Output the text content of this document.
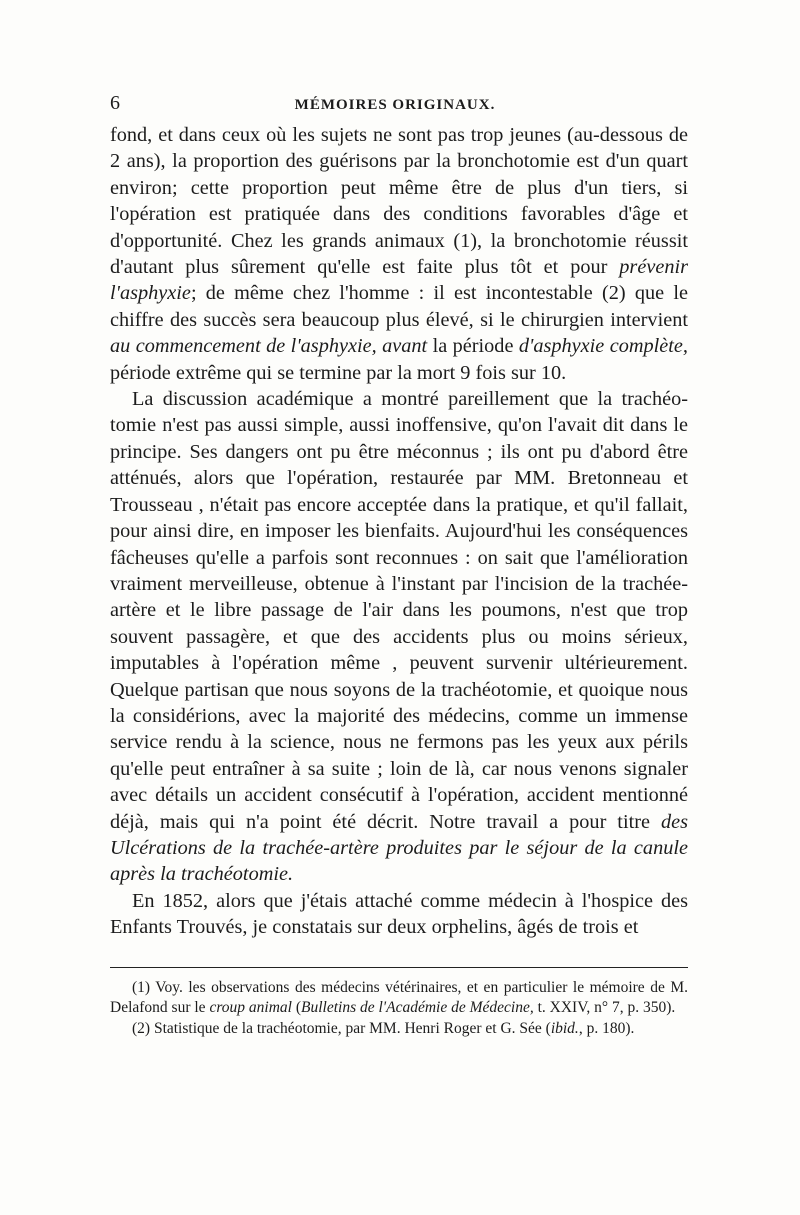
6	MÉMOIRES ORIGINAUX.

fond, et dans ceux où les sujets ne sont pas trop jeunes (au-dessous de 2 ans), la proportion des guérisons par la bronchotomie est d'un quart environ; cette proportion peut même être de plus d'un tiers, si l'opération est pratiquée dans des conditions favorables d'âge et d'opportunité. Chez les grands animaux (1), la bronchotomie réussit d'autant plus sûrement qu'elle est faite plus tôt et pour prévenir l'asphyxie; de même chez l'homme : il est incontestable (2) que le chiffre des succès sera beaucoup plus élevé, si le chirurgien intervient au commencement de l'asphyxie, avant la période d'asphyxie complète, période extrême qui se termine par la mort 9 fois sur 10.

La discussion académique a montré pareillement que la trachéotomie n'est pas aussi simple, aussi inoffensive, qu'on l'avait dit dans le principe. Ses dangers ont pu être méconnus ; ils ont pu d'abord être atténués, alors que l'opération, restaurée par MM. Bretonneau et Trousseau , n'était pas encore acceptée dans la pratique, et qu'il fallait, pour ainsi dire, en imposer les bienfaits. Aujourd'hui les conséquences fâcheuses qu'elle a parfois sont reconnues : on sait que l'amélioration vraiment merveilleuse, obtenue à l'instant par l'incision de la trachée-artère et le libre passage de l'air dans les poumons, n'est que trop souvent passagère, et que des accidents plus ou moins sérieux, imputables à l'opération même , peuvent survenir ultérieurement. Quelque partisan que nous soyons de la trachéotomie, et quoique nous la considérions, avec la majorité des médecins, comme un immense service rendu à la science, nous ne fermons pas les yeux aux périls qu'elle peut entraîner à sa suite ; loin de là, car nous venons signaler avec détails un accident consécutif à l'opération, accident mentionné déjà, mais qui n'a point été décrit. Notre travail a pour titre des Ulcérations de la trachée-artère produites par le séjour de la canule après la trachéotomie.

En 1852, alors que j'étais attaché comme médecin à l'hospice des Enfants Trouvés, je constatais sur deux orphelins, âgés de trois et

(1) Voy. les observations des médecins vétérinaires, et en particulier le mémoire de M. Delafond sur le croup animal (Bulletins de l'Académie de Médecine, t. XXIV, n° 7, p. 350).

(2) Statistique de la trachéotomie, par MM. Henri Roger et G. Sée (ibid., p. 180).
